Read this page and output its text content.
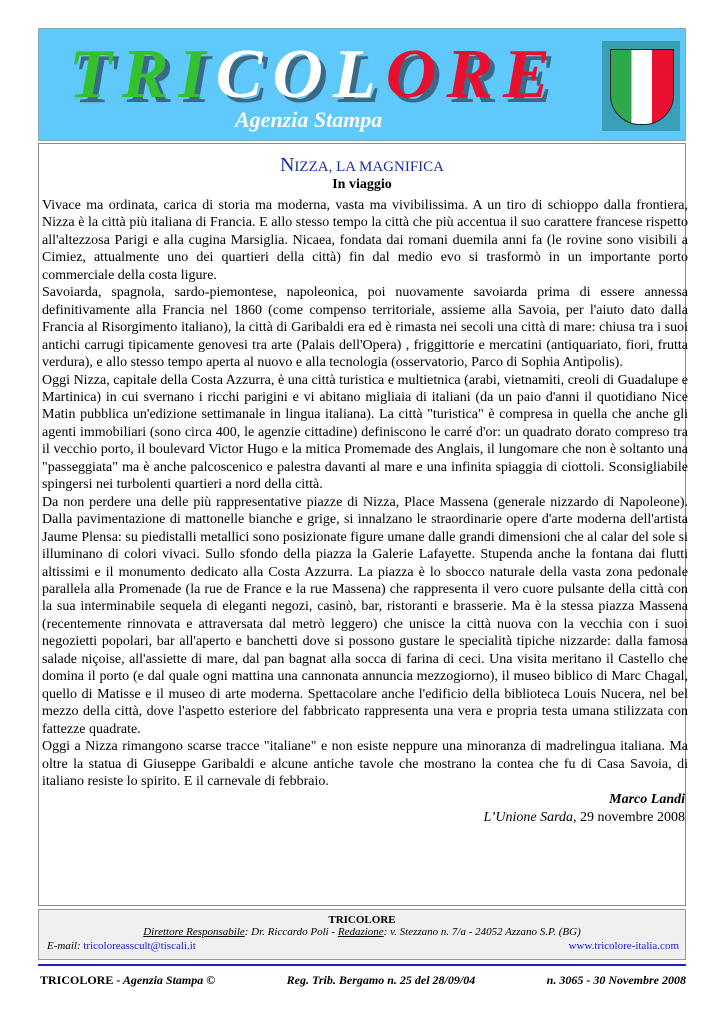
TRICOLORE
Agenzia Stampa
NIZZA, LA MAGNIFICA
In viaggio

Vivace ma ordinata, carica di storia ma moderna, vasta ma vivibilissima. A un tiro di schioppo dalla frontiera, Nizza è la città più italiana di Francia. E allo stesso tempo la città che più accentua il suo carattere francese rispetto all'altezzosa Parigi e alla cugina Marsiglia. Nicaea, fondata dai romani duemila anni fa (le rovine sono visibili a Cimiez, attualmente uno dei quartieri della città) fin dal medio evo si trasformò in un importante porto commerciale della costa ligure.

Savoiarda, spagnola, sardo-piemontese, napoleonica, poi nuovamente savoiarda prima di essere annessa definitivamente alla Francia nel 1860 (come compenso territoriale, assieme alla Savoia, per l'aiuto dato dalla Francia al Risorgimento italiano), la città di Garibaldi era ed è rimasta nei secoli una città di mare: chiusa tra i suoi antichi carrugi tipicamente genovesi tra arte (Palais dell'Opera) , friggittorie e mercatini (antiquariato, fiori, frutta verdura), e allo stesso tempo aperta al nuovo e alla tecnologia (osservatorio, Parco di Sophia Antìpolis).

Oggi Nizza, capitale della Costa Azzurra, è una città turistica e multietnica (arabi, vietnamiti, creoli di Guadalupe e Martinica) in cui svernano i ricchi parigini e vi abitano migliaia di italiani (da un paio d'anni il quotidiano Nice Matin pubblica un'edizione settimanale in lingua italiana). La città "turistica" è compresa in quella che anche gli agenti immobiliari (sono circa 400, le agenzie cittadine) definiscono le carré d'or: un quadrato dorato compreso tra il vecchio porto, il boulevard Victor Hugo e la mitica Promemade des Anglais, il lungomare che non è soltanto una "passeggiata" ma è anche palcoscenico e palestra davanti al mare e una infinita spiaggia di ciottoli. Sconsigliabile spingersi nei turbolenti quartieri a nord della città.

Da non perdere una delle più rappresentative piazze di Nizza, Place Massena (generale nizzardo di Napoleone). Dalla pavimentazione di mattonelle bianche e grige, si innalzano le straordinarie opere d'arte moderna dell'artista Jaume Plensa: su piedistalli metallici sono posizionate figure umane dalle grandi dimensioni che al calar del sole si illuminano di colori vivaci. Sullo sfondo della piazza la Galerie Lafayette. Stupenda anche la fontana dai flutti altissimi e il monumento dedicato alla Costa Azzurra. La piazza è lo sbocco naturale della vasta zona pedonale parallela alla Promenade (la rue de France e la rue Massena) che rappresenta il vero cuore pulsante della città con la sua interminabile sequela di eleganti negozi, casinò, bar, ristoranti e brasserie. Ma è la stessa piazza Massena (recentemente rinnovata e attraversata dal metrò leggero) che unisce la città nuova con la vecchia con i suoi negozietti popolari, bar all'aperto e banchetti dove si possono gustare le specialità tipiche nizzarde: dalla famosa salade niçoise, all'assiette di mare, dal pan bagnat alla socca di farina di ceci. Una visita meritano il Castello che domina il porto (e dal quale ogni mattina una cannonata annuncia mezzogiorno), il museo biblico di Marc Chagal, quello di Matisse e il museo di arte moderna. Spettacolare anche l'edificio della biblioteca Louis Nucera, nel bel mezzo della città, dove l'aspetto esteriore del fabbricato rappresenta una vera e propria testa umana stilizzata con fattezze quadrate.

Oggi a Nizza rimangono scarse tracce "italiane" e non esiste neppure una minoranza di madrelingua italiana. Ma oltre la statua di Giuseppe Garibaldi e alcune antiche tavole che mostrano la contea che fu di Casa Savoia, di italiano resiste lo spirito. E il carnevale di febbraio.

Marco Landi
L’Unione Sarda, 29 novembre 2008
TRICOLORE
Direttore Responsabile: Dr. Riccardo Poli - Redazione: v. Stezzano n. 7/a - 24052 Azzano S.P. (BG)
E-mail: tricoloreasscult@tiscali.it	www.tricolore-italia.com
TRICOLORE - Agenzia Stampa ©	Reg. Trib. Bergamo n. 25 del 28/09/04	n. 3065 - 30 Novembre 2008
